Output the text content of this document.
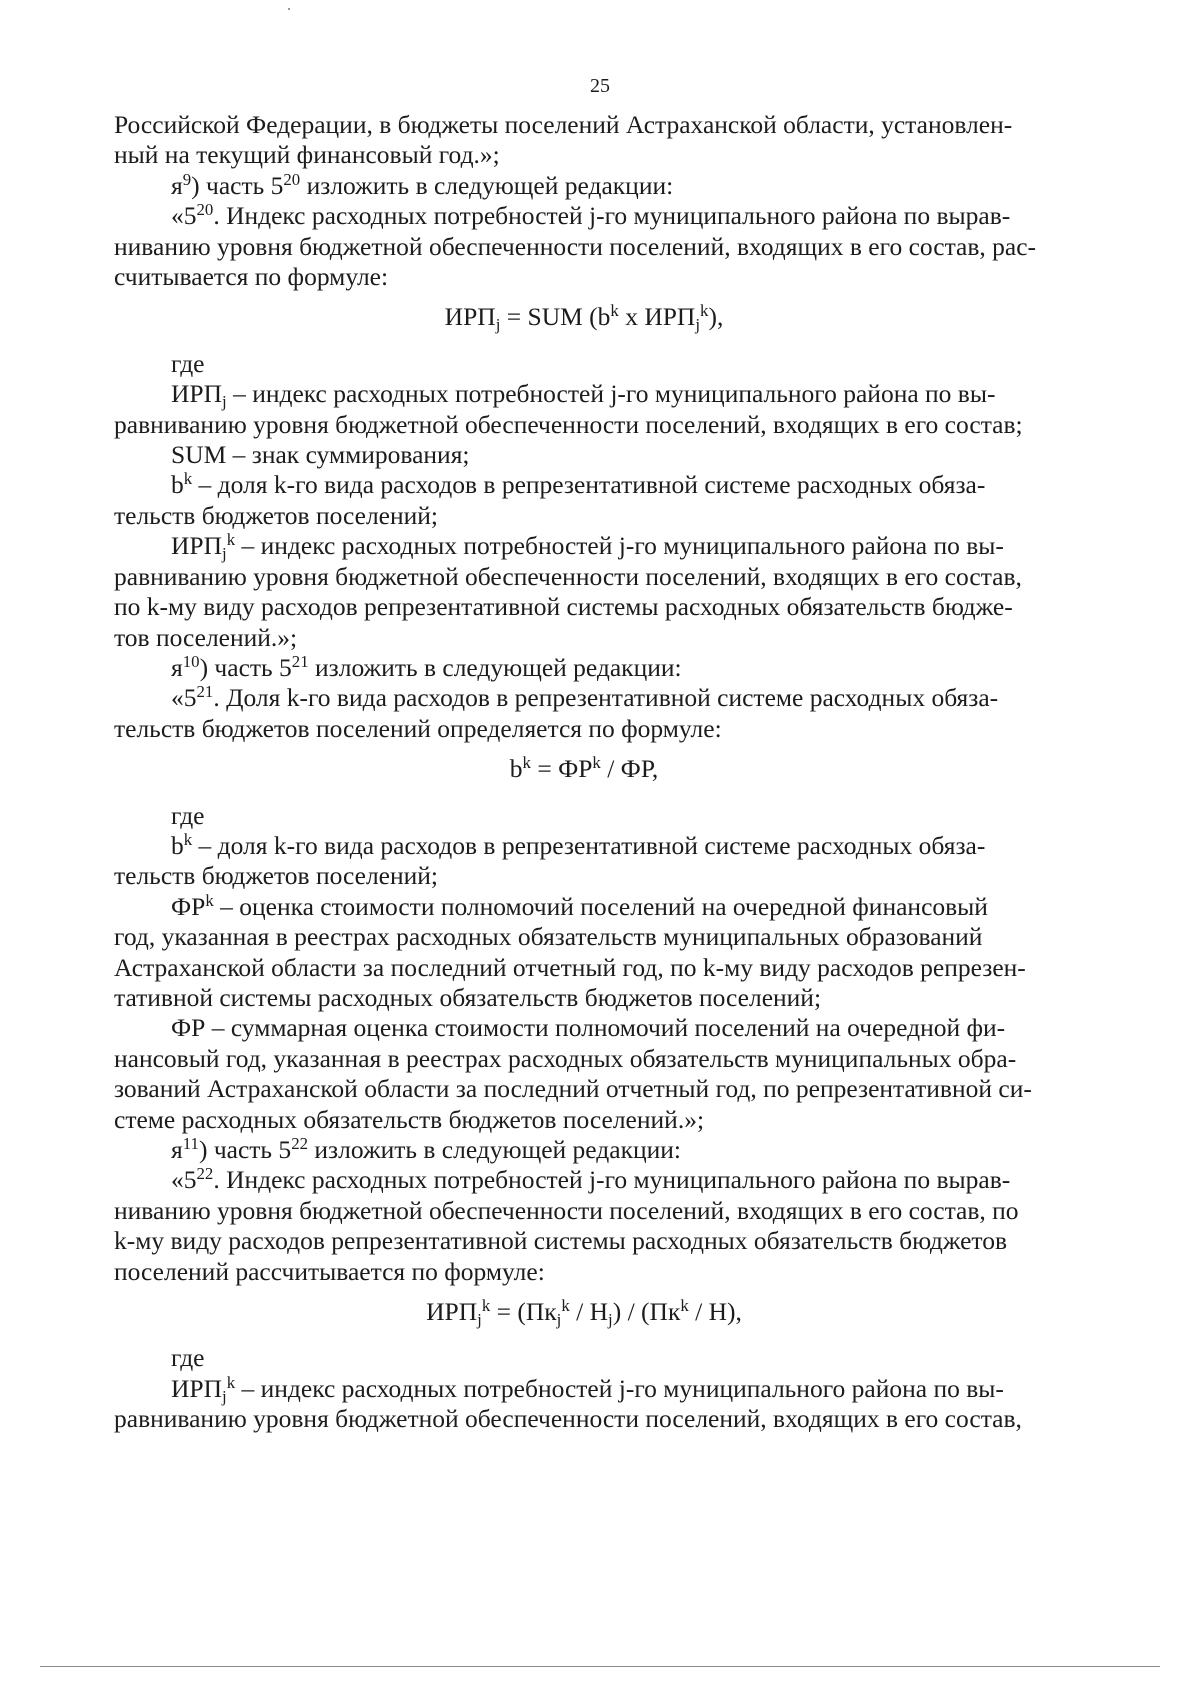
25

Российской Федерации, в бюджеты поселений Астраханской области, установлен-
ный на текущий финансовый год.»;

$я^9$) часть $5^{20}$ изложить в следующей редакции:

«$5^{20}$. Индекс расходных потребностей j-го муниципального района по вырав-
ниванию уровня бюджетной обеспеченности поселений, входящих в его состав, рас-
считывается по формуле:

$ИРП_j$ = SUM ($b^k$ x $ИРП_j^k$),

где

$ИРП_j$ – индекс расходных потребностей j-го муниципального района по вы-
равниванию уровня бюджетной обеспеченности поселений, входящих в его состав;

SUM – знак суммирования;

$b^k$ – доля k-го вида расходов в репрезентативной системе расходных обяза-
тельств бюджетов поселений;

$ИРП_j^k$ – индекс расходных потребностей j-го муниципального района по вы-
равниванию уровня бюджетной обеспеченности поселений, входящих в его состав,
по k-му виду расходов репрезентативной системы расходных обязательств бюдже-
тов поселений.»;

$я^{10}$) часть $5^{21}$ изложить в следующей редакции:

«$5^{21}$. Доля k-го вида расходов в репрезентативной системе расходных обяза-
тельств бюджетов поселений определяется по формуле:

$b^k = ФР^k$ / ФР,

где

$b^k$ – доля k-го вида расходов в репрезентативной системе расходных обяза-
тельств бюджетов поселений;

$ФР^k$ – оценка стоимости полномочий поселений на очередной финансовый
год, указанная в реестрах расходных обязательств муниципальных образований
Астраханской области за последний отчетный год, по k-му виду расходов репрезен-
тативной системы расходных обязательств бюджетов поселений;

ФР – суммарная оценка стоимости полномочий поселений на очередной фи-
нансовый год, указанная в реестрах расходных обязательств муниципальных обра-
зований Астраханской области за последний отчетный год, по репрезентативной си-
стеме расходных обязательств бюджетов поселений.»;

$я^{11}$) часть $5^{22}$ изложить в следующей редакции:

«$5^{22}$. Индекс расходных потребностей j-го муниципального района по вырав-
ниванию уровня бюджетной обеспеченности поселений, входящих в его состав, по
k-му виду расходов репрезентативной системы расходных обязательств бюджетов
поселений рассчитывается по формуле:

$ИРП_j^k = (Пк_j^k / Н_j) / (Пк^k / Н)$,

где

$ИРП_j^k$ – индекс расходных потребностей j-го муниципального района по вы-
равниванию уровня бюджетной обеспеченности поселений, входящих в его состав,
